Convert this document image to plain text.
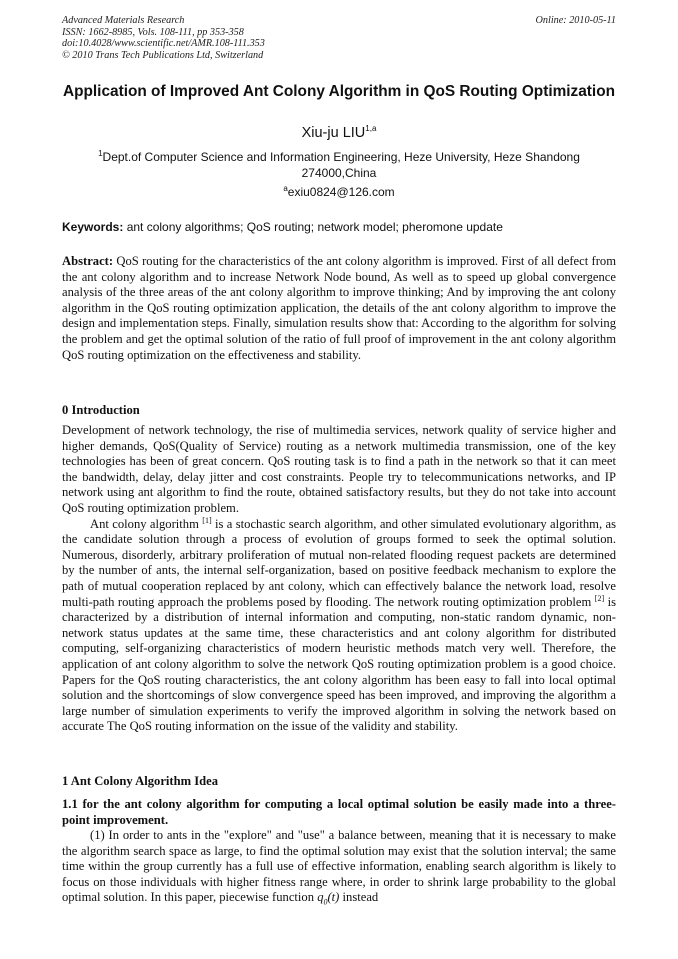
Advanced Materials Research
ISSN: 1662-8985, Vols. 108-111, pp 353-358
doi:10.4028/www.scientific.net/AMR.108-111.353
© 2010 Trans Tech Publications Ltd, Switzerland
Online: 2010-05-11
Application of Improved Ant Colony Algorithm in QoS Routing Optimization
Xiu-ju LIU$^{1,a}$
$^1$Dept.of Computer Science and Information Engineering, Heze University, Heze Shandong 274000,China
$^a$exiu0824@126.com
Keywords: ant colony algorithms; QoS routing; network model; pheromone update
Abstract: QoS routing for the characteristics of the ant colony algorithm is improved. First of all defect from the ant colony algorithm and to increase Network Node bound, As well as to speed up global convergence analysis of the three areas of the ant colony algorithm to improve thinking; And by improving the ant colony algorithm in the QoS routing optimization application, the details of the ant colony algorithm to improve the design and implementation steps. Finally, simulation results show that: According to the algorithm for solving the problem and get the optimal solution of the ratio of full proof of improvement in the ant colony algorithm QoS routing optimization on the effectiveness and stability.
0 Introduction

Development of network technology, the rise of multimedia services, network quality of service higher and higher demands, QoS(Quality of Service) routing as a network multimedia transmission, one of the key technologies has been of great concern. QoS routing task is to find a path in the network so that it can meet the bandwidth, delay, delay jitter and cost constraints. People try to telecommunications networks, and IP network using ant algorithm to find the route, obtained satisfactory results, but they do not take into account QoS routing optimization problem.

Ant colony algorithm [1] is a stochastic search algorithm, and other simulated evolutionary algorithm, as the candidate solution through a process of evolution of groups formed to seek the optimal solution. Numerous, disorderly, arbitrary proliferation of mutual non-related flooding request packets are determined by the number of ants, the internal self-organization, based on positive feedback mechanism to explore the path of mutual cooperation replaced by ant colony, which can effectively balance the network load, resolve multi-path routing approach the problems posed by flooding. The network routing optimization problem [2] is characterized by a distribution of internal information and computing, non-static random dynamic, non-network status updates at the same time, these characteristics and ant colony algorithm for distributed computing, self-organizing characteristics of modern heuristic methods match very well. Therefore, the application of ant colony algorithm to solve the network QoS routing optimization problem is a good choice. Papers for the QoS routing characteristics, the ant colony algorithm has been easy to fall into local optimal solution and the shortcomings of slow convergence speed has been improved, and improving the algorithm a large number of simulation experiments to verify the improved algorithm in solving the network based on accurate The QoS routing information on the issue of the validity and stability.

1 Ant Colony Algorithm Idea
1.1 for the ant colony algorithm for computing a local optimal solution be easily made into a three-point improvement.

(1) In order to ants in the "explore" and "use" a balance between, meaning that it is necessary to make the algorithm search space as large, to find the optimal solution may exist that the solution interval; the same time within the group currently has a full use of effective information, enabling search algorithm is likely to focus on those individuals with higher fitness range where, in order to shrink large probability to the global optimal solution. In this paper, piecewise function $q_0(t)$ instead
